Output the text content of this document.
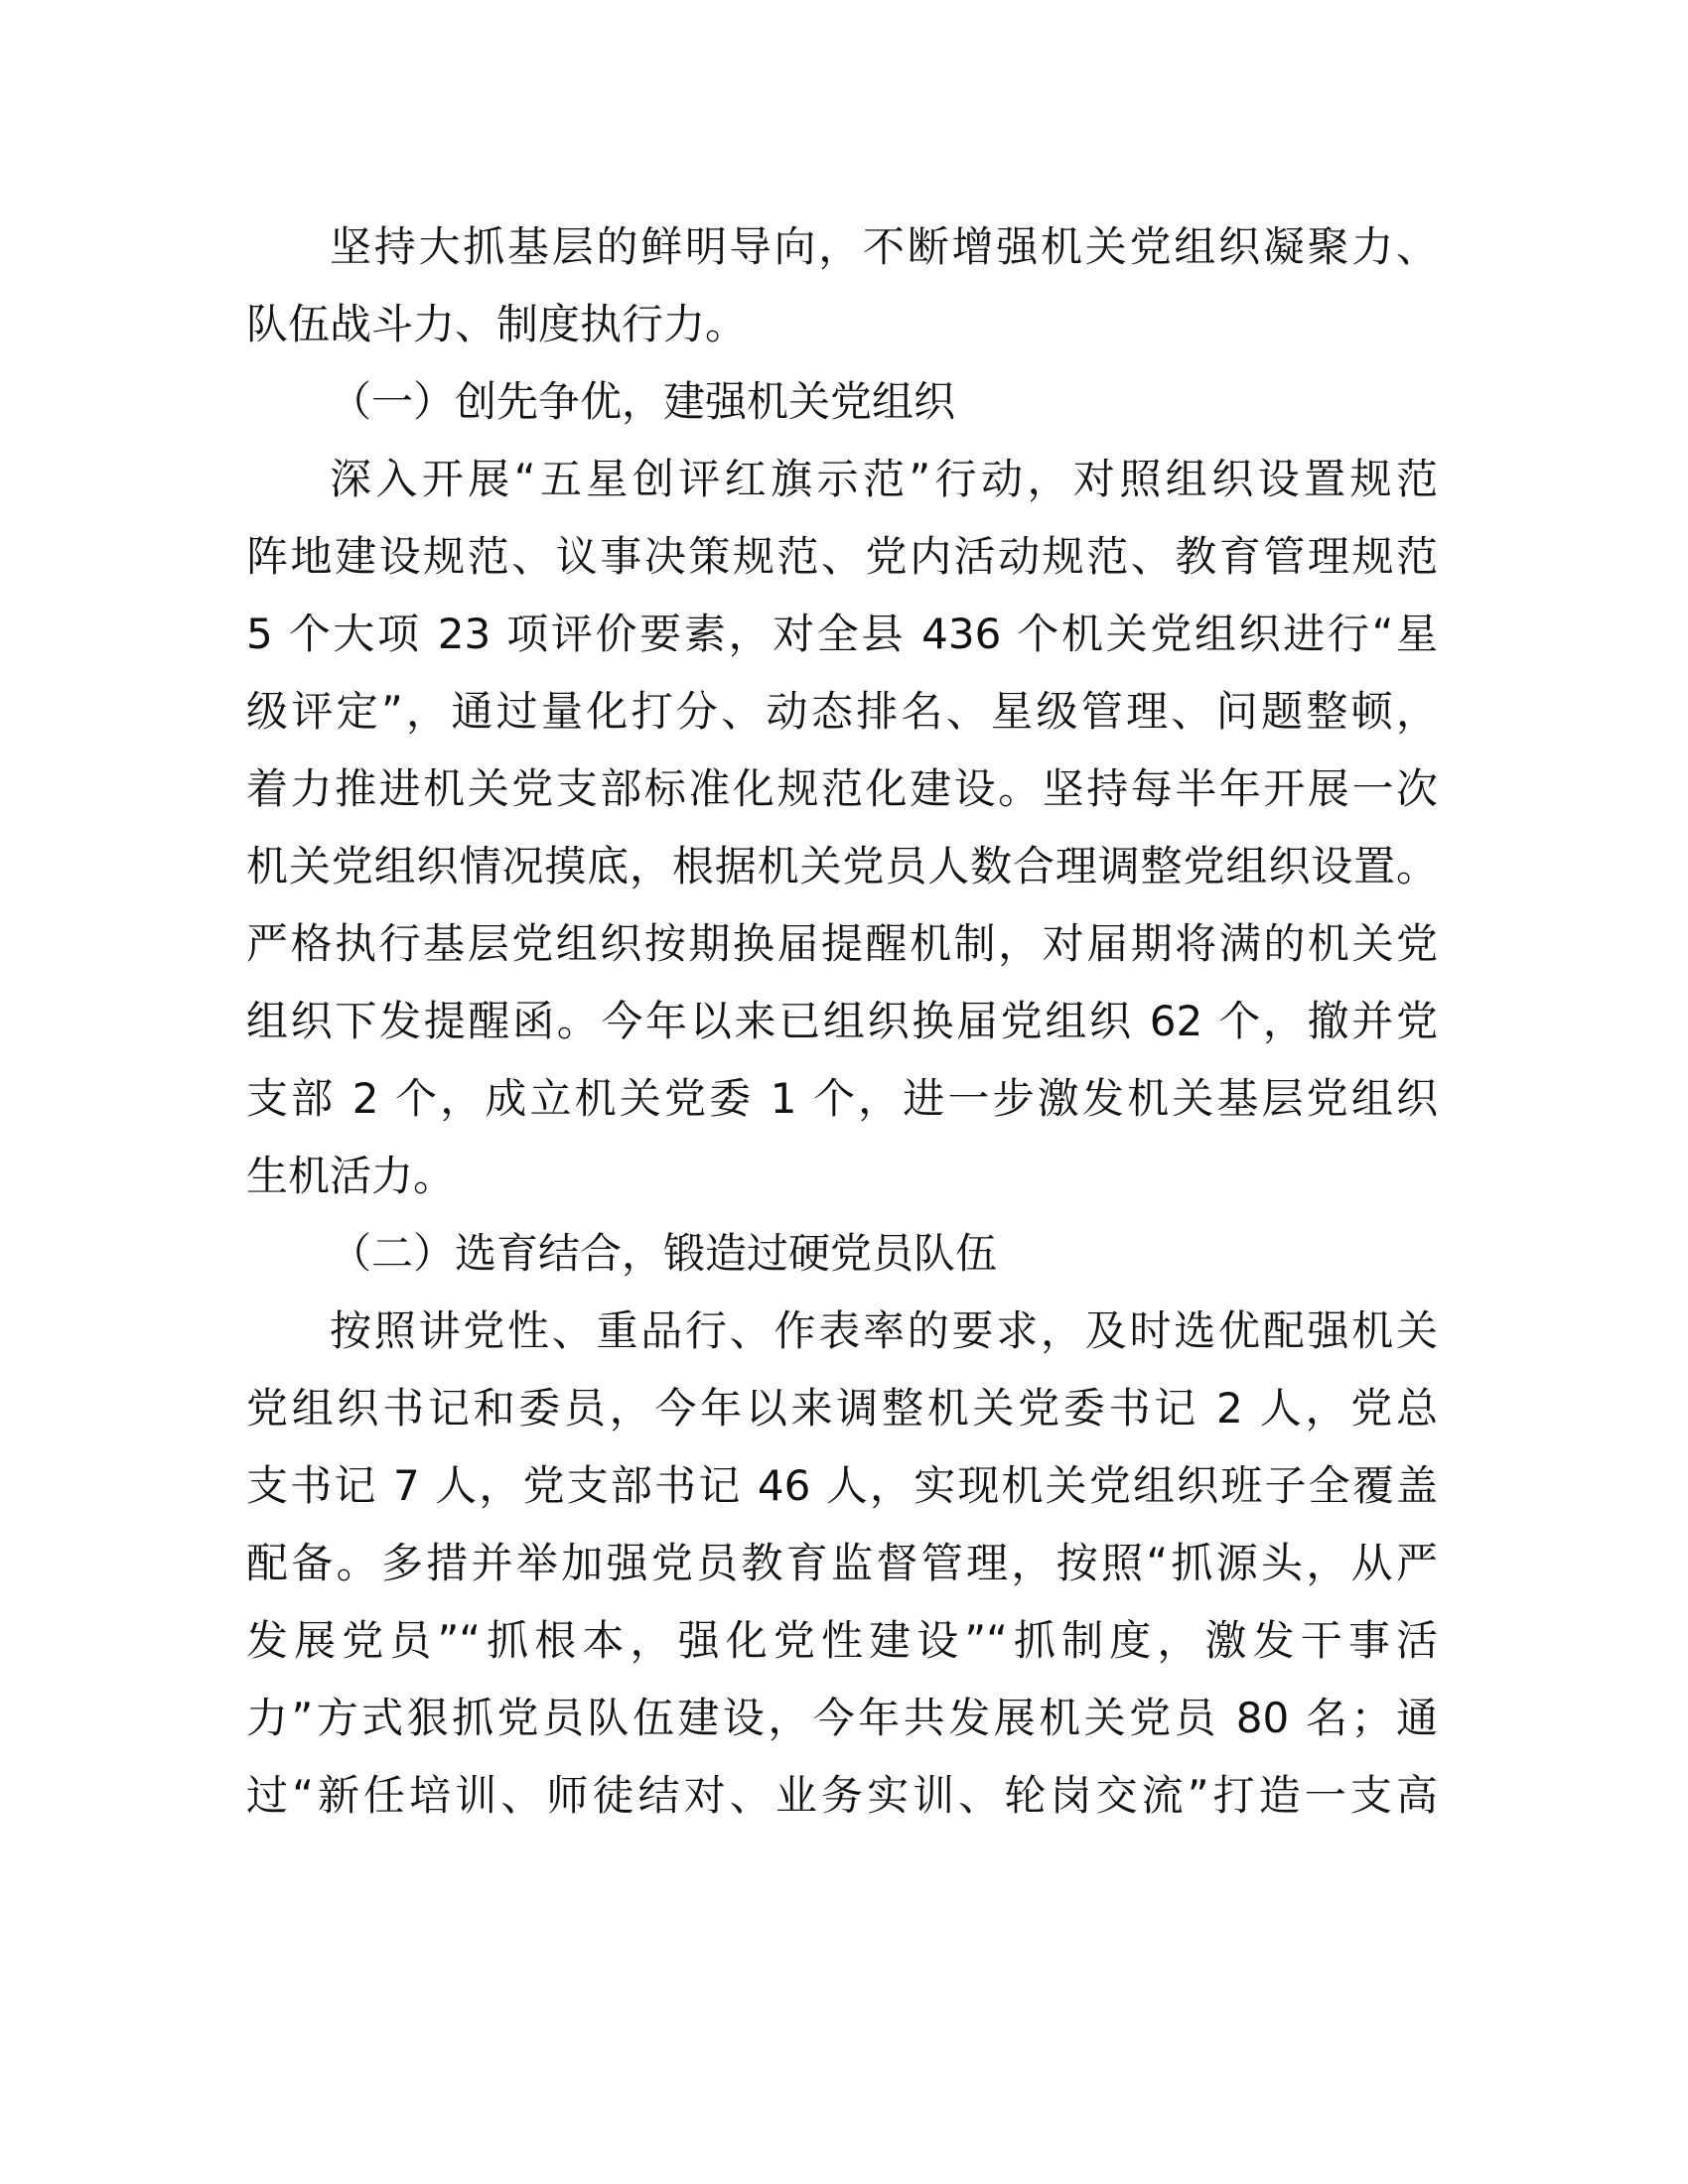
坚持大抓基层的鲜明导向，不断增强机关党组织凝聚力、
队伍战斗力、制度执行力。
（一）创先争优，建强机关党组织
深入开展“五星创评红旗示范”行动，对照组织设置规范
阵地建设规范、议事决策规范、党内活动规范、教育管理规范
5 个大项 23 项评价要素，对全县 436 个机关党组织进行“星
级评定”，通过量化打分、动态排名、星级管理、问题整顿，
着力推进机关党支部标准化规范化建设。坚持每半年开展一次
机关党组织情况摸底，根据机关党员人数合理调整党组织设置。
严格执行基层党组织按期换届提醒机制，对届期将满的机关党
组织下发提醒函。今年以来已组织换届党组织 62 个，撤并党
支部 2 个，成立机关党委 1 个，进一步激发机关基层党组织
生机活力。
（二）选育结合，锻造过硬党员队伍
按照讲党性、重品行、作表率的要求，及时选优配强机关
党组织书记和委员，今年以来调整机关党委书记 2 人，党总
支书记 7 人，党支部书记 46 人，实现机关党组织班子全覆盖
配备。多措并举加强党员教育监督管理，按照“抓源头，从严
发展党员”“抓根本，强化党性建设”“抓制度，激发干事活
力”方式狠抓党员队伍建设，今年共发展机关党员 80 名；通
过“新任培训、师徒结对、业务实训、轮岗交流”打造一支高
